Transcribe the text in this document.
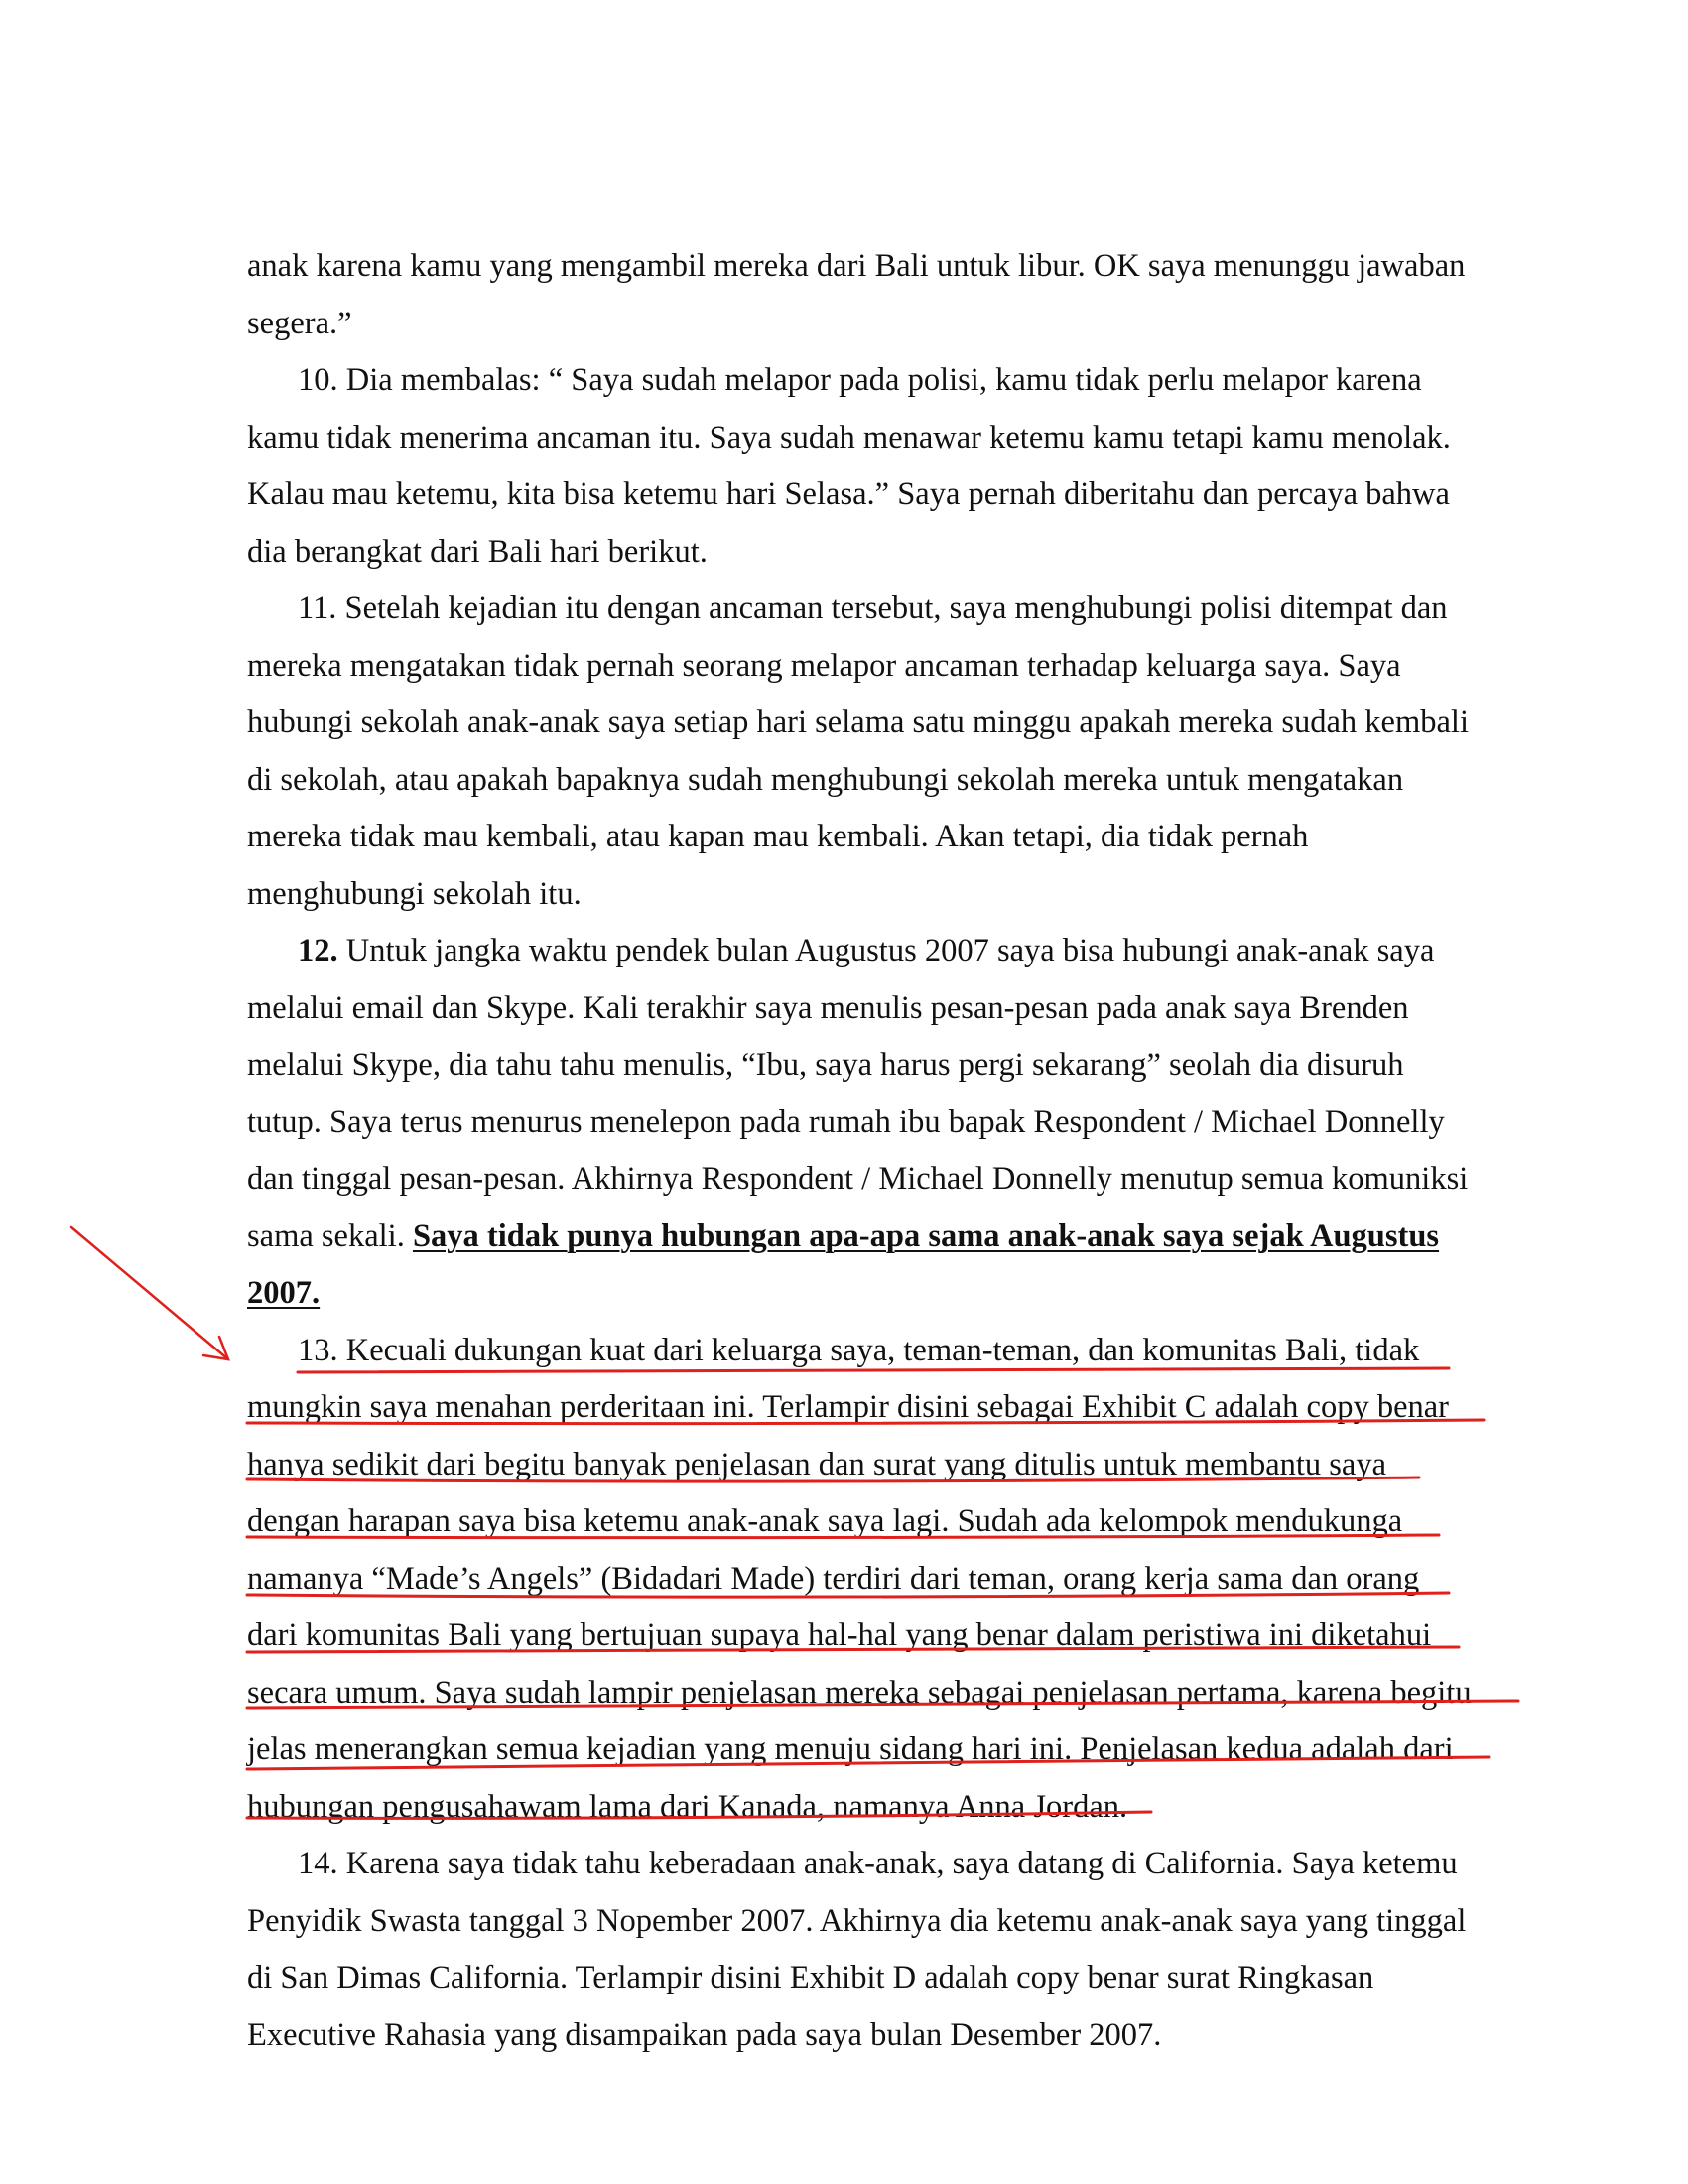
anak karena kamu yang mengambil mereka dari Bali untuk libur. OK saya menunggu jawaban

segera.”

10. Dia membalas: “ Saya sudah melapor pada polisi, kamu tidak perlu melapor karena

kamu tidak menerima ancaman itu. Saya sudah menawar ketemu kamu tetapi kamu menolak.

Kalau mau ketemu, kita bisa ketemu hari Selasa.” Saya pernah diberitahu dan percaya bahwa

dia berangkat dari Bali hari berikut.

11. Setelah kejadian itu dengan ancaman tersebut, saya menghubungi polisi ditempat dan

mereka mengatakan tidak pernah seorang melapor ancaman terhadap keluarga saya. Saya

hubungi sekolah anak-anak saya setiap hari selama satu minggu apakah mereka sudah kembali

di sekolah, atau apakah bapaknya sudah menghubungi sekolah mereka untuk mengatakan

mereka tidak mau kembali, atau kapan mau kembali. Akan tetapi, dia tidak pernah

menghubungi sekolah itu.

12. Untuk jangka waktu pendek bulan Augustus 2007 saya bisa hubungi anak-anak saya

melalui email dan Skype. Kali terakhir saya menulis pesan-pesan pada anak saya Brenden

melalui Skype, dia tahu tahu menulis, “Ibu, saya harus pergi sekarang” seolah dia disuruh

tutup. Saya terus menurus menelepon pada rumah ibu bapak Respondent / Michael Donnelly

dan tinggal pesan-pesan. Akhirnya Respondent / Michael Donnelly menutup semua komuniksi

sama sekali. Saya tidak punya hubungan apa-apa sama anak-anak saya sejak Augustus

2007.

13. Kecuali dukungan kuat dari keluarga saya, teman-teman, dan komunitas Bali, tidak

mungkin saya menahan perderitaan ini. Terlampir disini sebagai Exhibit C adalah copy benar

hanya sedikit dari begitu banyak penjelasan dan surat yang ditulis untuk membantu saya

dengan harapan saya bisa ketemu anak-anak saya lagi. Sudah ada kelompok mendukunga

namanya “Made’s Angels” (Bidadari Made) terdiri dari teman, orang kerja sama dan orang

dari komunitas Bali yang bertujuan supaya hal-hal yang benar dalam peristiwa ini diketahui

secara umum. Saya sudah lampir penjelasan mereka sebagai penjelasan pertama, karena begitu

jelas menerangkan semua kejadian yang menuju sidang hari ini. Penjelasan kedua adalah dari

hubungan pengusahawam lama dari Kanada, namanya Anna Jordan.

14. Karena saya tidak tahu keberadaan anak-anak, saya datang di California. Saya ketemu

Penyidik Swasta tanggal 3 Nopember 2007. Akhirnya dia ketemu anak-anak saya yang tinggal

di San Dimas California. Terlampir disini Exhibit D adalah copy benar surat Ringkasan

Executive Rahasia yang disampaikan pada saya bulan Desember 2007.
